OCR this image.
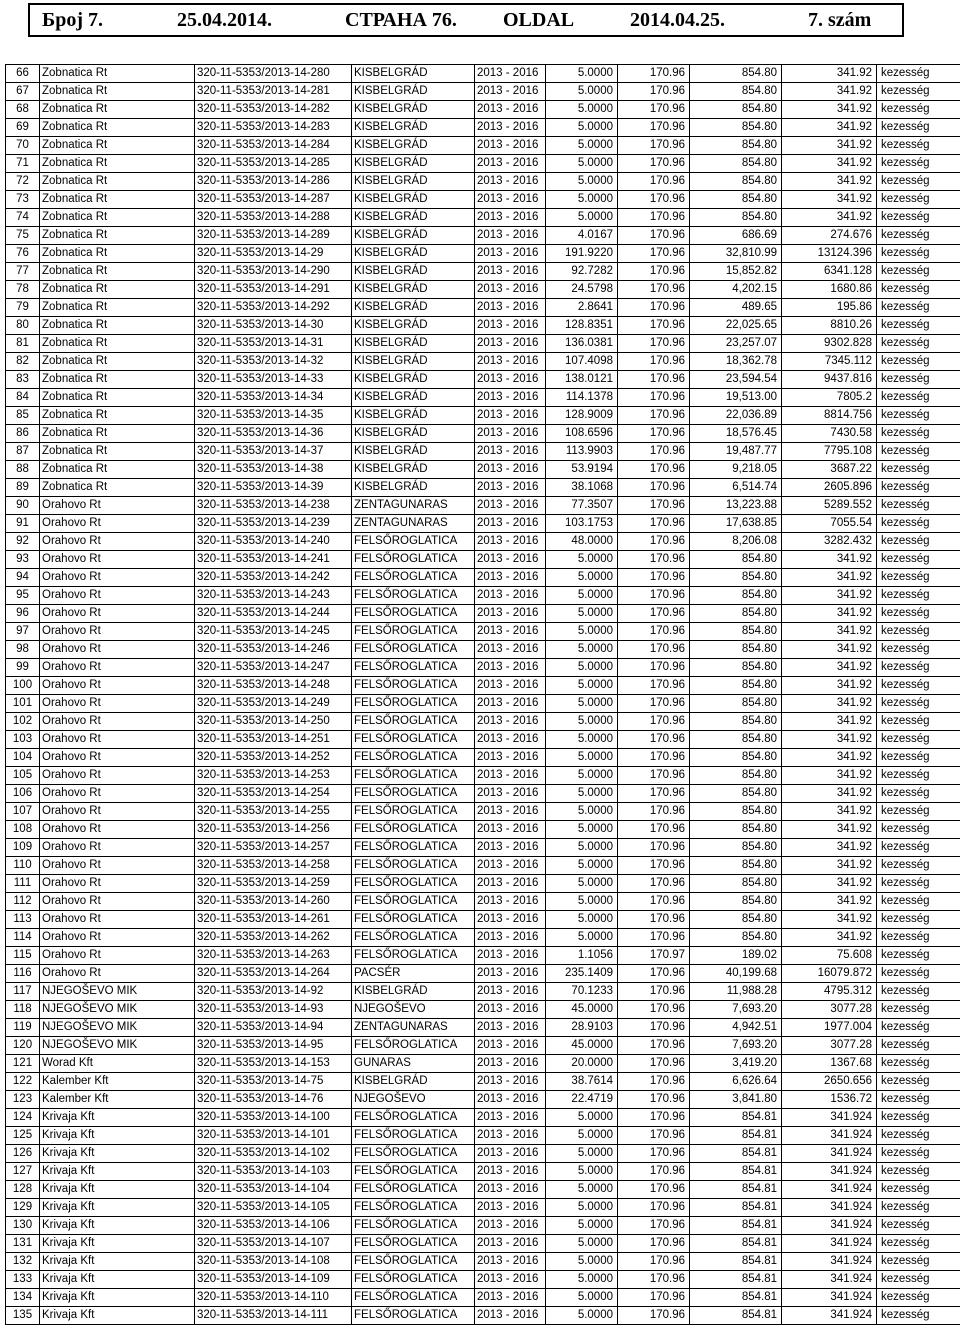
Број 7.	25.04.2014.	СТРАНА 76. OLDAL	2014.04.25.	7. szám
66	Zobnatica Rt	320-11-5353/2013-14-280	KISBELGRÁD	2013 - 2016	5.0000	170.96	854.80	341.92	kezesség
67	Zobnatica Rt	320-11-5353/2013-14-281	KISBELGRÁD	2013 - 2016	5.0000	170.96	854.80	341.92	kezesség
68	Zobnatica Rt	320-11-5353/2013-14-282	KISBELGRÁD	2013 - 2016	5.0000	170.96	854.80	341.92	kezesség
69	Zobnatica Rt	320-11-5353/2013-14-283	KISBELGRÁD	2013 - 2016	5.0000	170.96	854.80	341.92	kezesség
70	Zobnatica Rt	320-11-5353/2013-14-284	KISBELGRÁD	2013 - 2016	5.0000	170.96	854.80	341.92	kezesség
71	Zobnatica Rt	320-11-5353/2013-14-285	KISBELGRÁD	2013 - 2016	5.0000	170.96	854.80	341.92	kezesség
72	Zobnatica Rt	320-11-5353/2013-14-286	KISBELGRÁD	2013 - 2016	5.0000	170.96	854.80	341.92	kezesség
73	Zobnatica Rt	320-11-5353/2013-14-287	KISBELGRÁD	2013 - 2016	5.0000	170.96	854.80	341.92	kezesség
74	Zobnatica Rt	320-11-5353/2013-14-288	KISBELGRÁD	2013 - 2016	5.0000	170.96	854.80	341.92	kezesség
75	Zobnatica Rt	320-11-5353/2013-14-289	KISBELGRÁD	2013 - 2016	4.0167	170.96	686.69	274.676	kezesség
76	Zobnatica Rt	320-11-5353/2013-14-29	KISBELGRÁD	2013 - 2016	191.9220	170.96	32,810.99	13124.396	kezesség
77	Zobnatica Rt	320-11-5353/2013-14-290	KISBELGRÁD	2013 - 2016	92.7282	170.96	15,852.82	6341.128	kezesség
78	Zobnatica Rt	320-11-5353/2013-14-291	KISBELGRÁD	2013 - 2016	24.5798	170.96	4,202.15	1680.86	kezesség
79	Zobnatica Rt	320-11-5353/2013-14-292	KISBELGRÁD	2013 - 2016	2.8641	170.96	489.65	195.86	kezesség
80	Zobnatica Rt	320-11-5353/2013-14-30	KISBELGRÁD	2013 - 2016	128.8351	170.96	22,025.65	8810.26	kezesség
81	Zobnatica Rt	320-11-5353/2013-14-31	KISBELGRÁD	2013 - 2016	136.0381	170.96	23,257.07	9302.828	kezesség
82	Zobnatica Rt	320-11-5353/2013-14-32	KISBELGRÁD	2013 - 2016	107.4098	170.96	18,362.78	7345.112	kezesség
83	Zobnatica Rt	320-11-5353/2013-14-33	KISBELGRÁD	2013 - 2016	138.0121	170.96	23,594.54	9437.816	kezesség
84	Zobnatica Rt	320-11-5353/2013-14-34	KISBELGRÁD	2013 - 2016	114.1378	170.96	19,513.00	7805.2	kezesség
85	Zobnatica Rt	320-11-5353/2013-14-35	KISBELGRÁD	2013 - 2016	128.9009	170.96	22,036.89	8814.756	kezesség
86	Zobnatica Rt	320-11-5353/2013-14-36	KISBELGRÁD	2013 - 2016	108.6596	170.96	18,576.45	7430.58	kezesség
87	Zobnatica Rt	320-11-5353/2013-14-37	KISBELGRÁD	2013 - 2016	113.9903	170.96	19,487.77	7795.108	kezesség
88	Zobnatica Rt	320-11-5353/2013-14-38	KISBELGRÁD	2013 - 2016	53.9194	170.96	9,218.05	3687.22	kezesség
89	Zobnatica Rt	320-11-5353/2013-14-39	KISBELGRÁD	2013 - 2016	38.1068	170.96	6,514.74	2605.896	kezesség
90	Orahovo Rt	320-11-5353/2013-14-238	ZENTAGUNARAS	2013 - 2016	77.3507	170.96	13,223.88	5289.552	kezesség
91	Orahovo Rt	320-11-5353/2013-14-239	ZENTAGUNARAS	2013 - 2016	103.1753	170.96	17,638.85	7055.54	kezesség
92	Orahovo Rt	320-11-5353/2013-14-240	FELSŐROGLATICA	2013 - 2016	48.0000	170.96	8,206.08	3282.432	kezesség
93	Orahovo Rt	320-11-5353/2013-14-241	FELSŐROGLATICA	2013 - 2016	5.0000	170.96	854.80	341.92	kezesség
94	Orahovo Rt	320-11-5353/2013-14-242	FELSŐROGLATICA	2013 - 2016	5.0000	170.96	854.80	341.92	kezesség
95	Orahovo Rt	320-11-5353/2013-14-243	FELSŐROGLATICA	2013 - 2016	5.0000	170.96	854.80	341.92	kezesség
96	Orahovo Rt	320-11-5353/2013-14-244	FELSŐROGLATICA	2013 - 2016	5.0000	170.96	854.80	341.92	kezesség
97	Orahovo Rt	320-11-5353/2013-14-245	FELSŐROGLATICA	2013 - 2016	5.0000	170.96	854.80	341.92	kezesség
98	Orahovo Rt	320-11-5353/2013-14-246	FELSŐROGLATICA	2013 - 2016	5.0000	170.96	854.80	341.92	kezesség
99	Orahovo Rt	320-11-5353/2013-14-247	FELSŐROGLATICA	2013 - 2016	5.0000	170.96	854.80	341.92	kezesség
100	Orahovo Rt	320-11-5353/2013-14-248	FELSŐROGLATICA	2013 - 2016	5.0000	170.96	854.80	341.92	kezesség
101	Orahovo Rt	320-11-5353/2013-14-249	FELSŐROGLATICA	2013 - 2016	5.0000	170.96	854.80	341.92	kezesség
102	Orahovo Rt	320-11-5353/2013-14-250	FELSŐROGLATICA	2013 - 2016	5.0000	170.96	854.80	341.92	kezesség
103	Orahovo Rt	320-11-5353/2013-14-251	FELSŐROGLATICA	2013 - 2016	5.0000	170.96	854.80	341.92	kezesség
104	Orahovo Rt	320-11-5353/2013-14-252	FELSŐROGLATICA	2013 - 2016	5.0000	170.96	854.80	341.92	kezesség
105	Orahovo Rt	320-11-5353/2013-14-253	FELSŐROGLATICA	2013 - 2016	5.0000	170.96	854.80	341.92	kezesség
106	Orahovo Rt	320-11-5353/2013-14-254	FELSŐROGLATICA	2013 - 2016	5.0000	170.96	854.80	341.92	kezesség
107	Orahovo Rt	320-11-5353/2013-14-255	FELSŐROGLATICA	2013 - 2016	5.0000	170.96	854.80	341.92	kezesség
108	Orahovo Rt	320-11-5353/2013-14-256	FELSŐROGLATICA	2013 - 2016	5.0000	170.96	854.80	341.92	kezesség
109	Orahovo Rt	320-11-5353/2013-14-257	FELSŐROGLATICA	2013 - 2016	5.0000	170.96	854.80	341.92	kezesség
110	Orahovo Rt	320-11-5353/2013-14-258	FELSŐROGLATICA	2013 - 2016	5.0000	170.96	854.80	341.92	kezesség
111	Orahovo Rt	320-11-5353/2013-14-259	FELSŐROGLATICA	2013 - 2016	5.0000	170.96	854.80	341.92	kezesség
112	Orahovo Rt	320-11-5353/2013-14-260	FELSŐROGLATICA	2013 - 2016	5.0000	170.96	854.80	341.92	kezesség
113	Orahovo Rt	320-11-5353/2013-14-261	FELSŐROGLATICA	2013 - 2016	5.0000	170.96	854.80	341.92	kezesség
114	Orahovo Rt	320-11-5353/2013-14-262	FELSŐROGLATICA	2013 - 2016	5.0000	170.96	854.80	341.92	kezesség
115	Orahovo Rt	320-11-5353/2013-14-263	FELSŐROGLATICA	2013 - 2016	1.1056	170.97	189.02	75.608	kezesség
116	Orahovo Rt	320-11-5353/2013-14-264	PACSÉR	2013 - 2016	235.1409	170.96	40,199.68	16079.872	kezesség
117	NJEGOŠEVO MIK	320-11-5353/2013-14-92	KISBELGRÁD	2013 - 2016	70.1233	170.96	11,988.28	4795.312	kezesség
118	NJEGOŠEVO MIK	320-11-5353/2013-14-93	NJEGOŠEVO	2013 - 2016	45.0000	170.96	7,693.20	3077.28	kezesség
119	NJEGOŠEVO MIK	320-11-5353/2013-14-94	ZENTAGUNARAS	2013 - 2016	28.9103	170.96	4,942.51	1977.004	kezesség
120	NJEGOŠEVO MIK	320-11-5353/2013-14-95	FELSŐROGLATICA	2013 - 2016	45.0000	170.96	7,693.20	3077.28	kezesség
121	Worad Kft	320-11-5353/2013-14-153	GUNARAS	2013 - 2016	20.0000	170.96	3,419.20	1367.68	kezesség
122	Kalember Kft	320-11-5353/2013-14-75	KISBELGRÁD	2013 - 2016	38.7614	170.96	6,626.64	2650.656	kezesség
123	Kalember Kft	320-11-5353/2013-14-76	NJEGOŠEVO	2013 - 2016	22.4719	170.96	3,841.80	1536.72	kezesség
124	Krivaja Kft	320-11-5353/2013-14-100	FELSŐROGLATICA	2013 - 2016	5.0000	170.96	854.81	341.924	kezesség
125	Krivaja Kft	320-11-5353/2013-14-101	FELSŐROGLATICA	2013 - 2016	5.0000	170.96	854.81	341.924	kezesség
126	Krivaja Kft	320-11-5353/2013-14-102	FELSŐROGLATICA	2013 - 2016	5.0000	170.96	854.81	341.924	kezesség
127	Krivaja Kft	320-11-5353/2013-14-103	FELSŐROGLATICA	2013 - 2016	5.0000	170.96	854.81	341.924	kezesség
128	Krivaja Kft	320-11-5353/2013-14-104	FELSŐROGLATICA	2013 - 2016	5.0000	170.96	854.81	341.924	kezesség
129	Krivaja Kft	320-11-5353/2013-14-105	FELSŐROGLATICA	2013 - 2016	5.0000	170.96	854.81	341.924	kezesség
130	Krivaja Kft	320-11-5353/2013-14-106	FELSŐROGLATICA	2013 - 2016	5.0000	170.96	854.81	341.924	kezesség
131	Krivaja Kft	320-11-5353/2013-14-107	FELSŐROGLATICA	2013 - 2016	5.0000	170.96	854.81	341.924	kezesség
132	Krivaja Kft	320-11-5353/2013-14-108	FELSŐROGLATICA	2013 - 2016	5.0000	170.96	854.81	341.924	kezesség
133	Krivaja Kft	320-11-5353/2013-14-109	FELSŐROGLATICA	2013 - 2016	5.0000	170.96	854.81	341.924	kezesség
134	Krivaja Kft	320-11-5353/2013-14-110	FELSŐROGLATICA	2013 - 2016	5.0000	170.96	854.81	341.924	kezesség
135	Krivaja Kft	320-11-5353/2013-14-111	FELSŐROGLATICA	2013 - 2016	5.0000	170.96	854.81	341.924	kezesség
